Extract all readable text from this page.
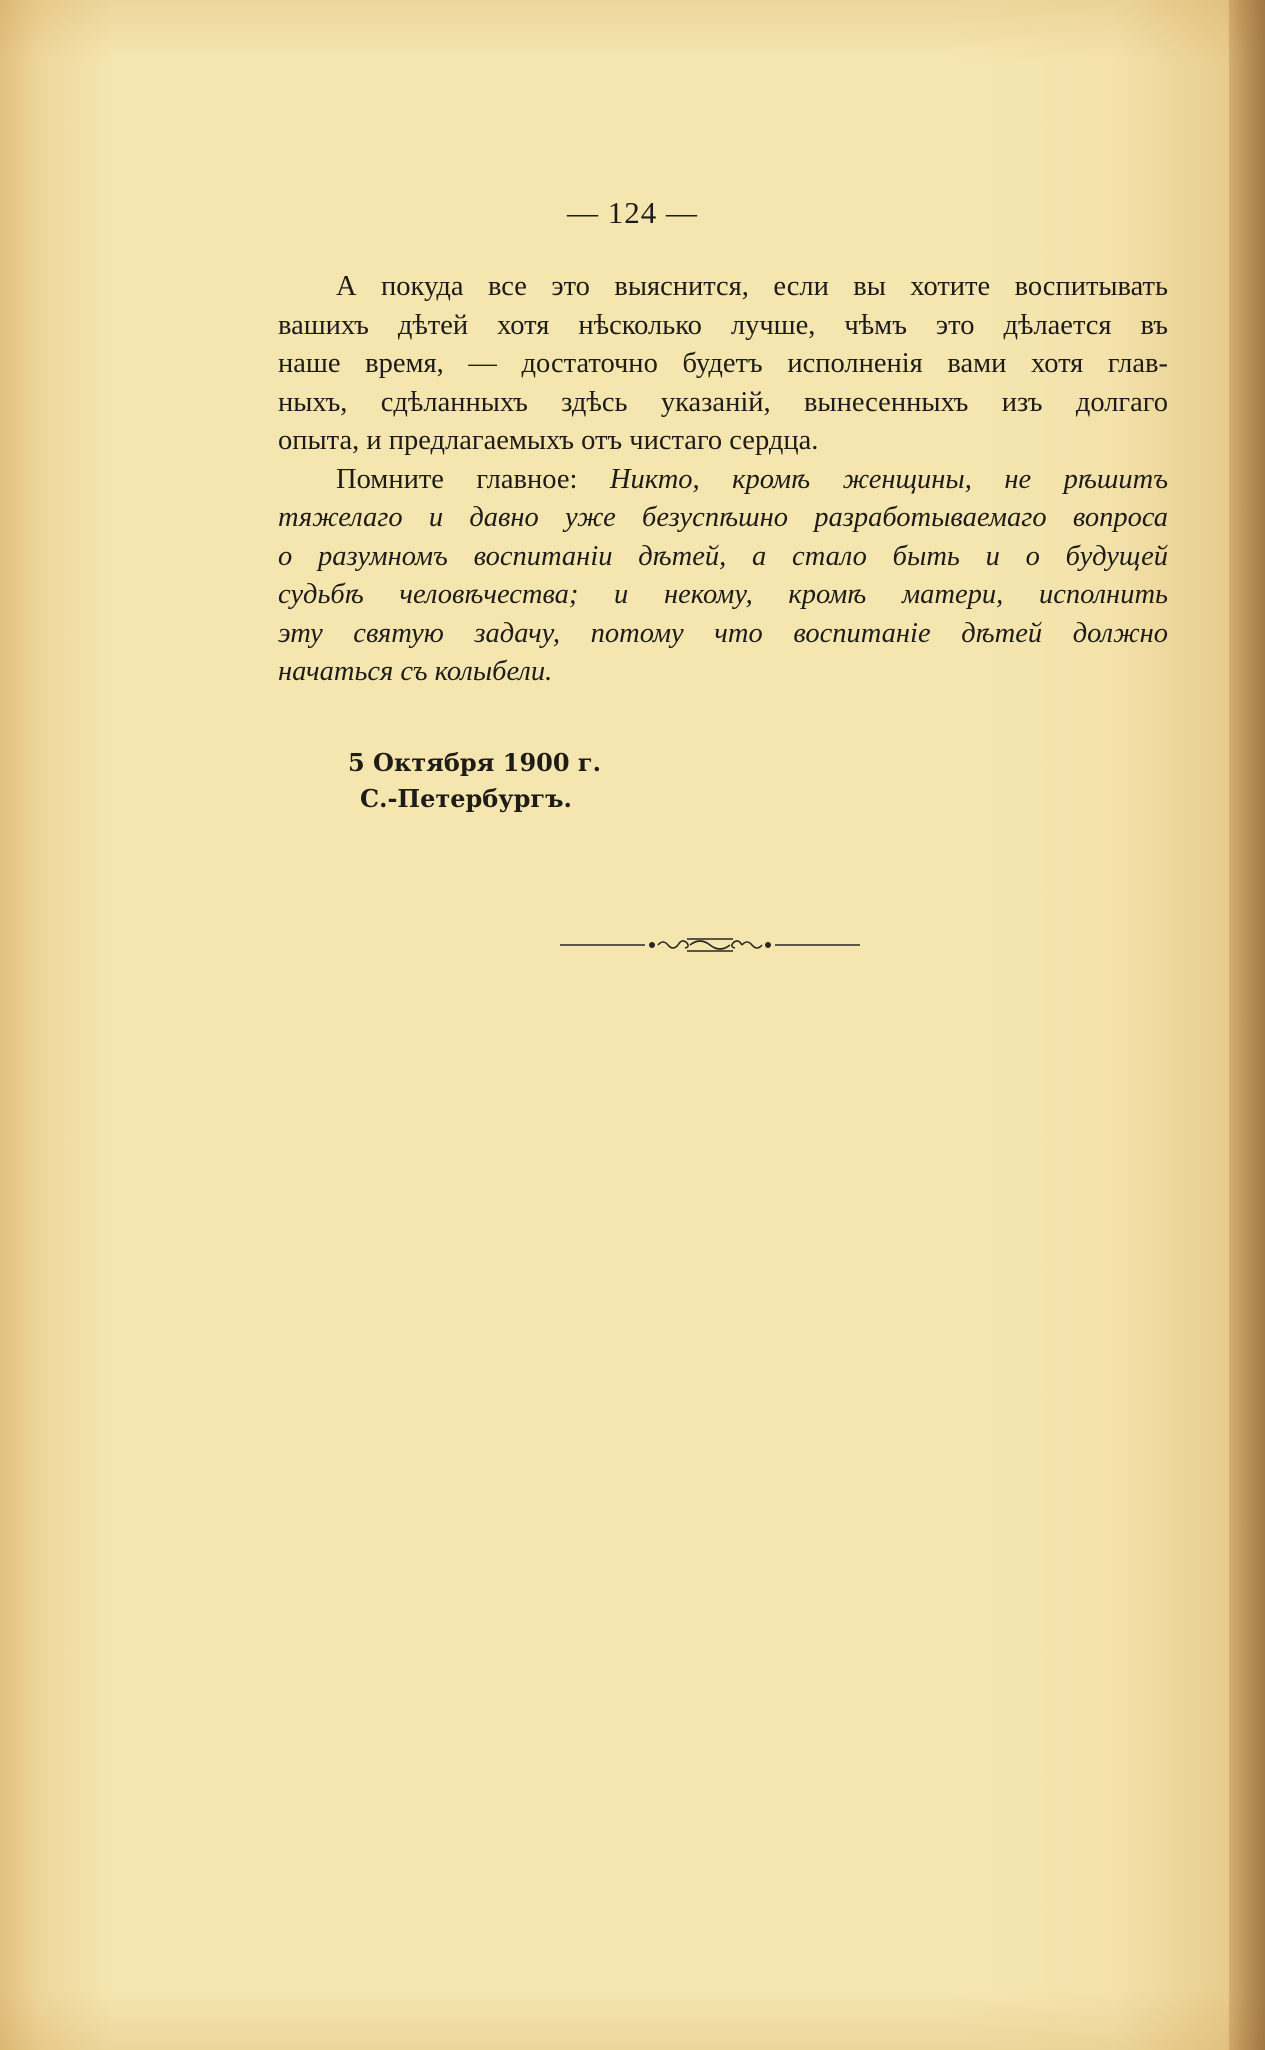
— 124 —

А покуда все это выяснится, если вы хотите воспитывать
вашихъ дѣтей хотя нѣсколько лучше, чѣмъ это дѣлается въ
наше время, — достаточно будетъ исполненія вами хотя глав-
ныхъ, сдѣланныхъ здѣсь указаній, вынесенныхъ изъ долгаго
опыта, и предлагаемыхъ отъ чистаго сердца.

Помните главное: Никто, кромѣ женщины, не рѣшитъ
тяжелаго и давно уже безуспѣшно разработываемаго вопроса
о разумномъ воспитаніи дѣтей, а стало быть и о будущей
судьбѣ человѣчества; и некому, кромѣ матери, исполнить
эту святую задачу, потому что воспитаніе дѣтей должно
начаться съ колыбели.

5 Октября 1900 г.
С.-Петербургъ.
